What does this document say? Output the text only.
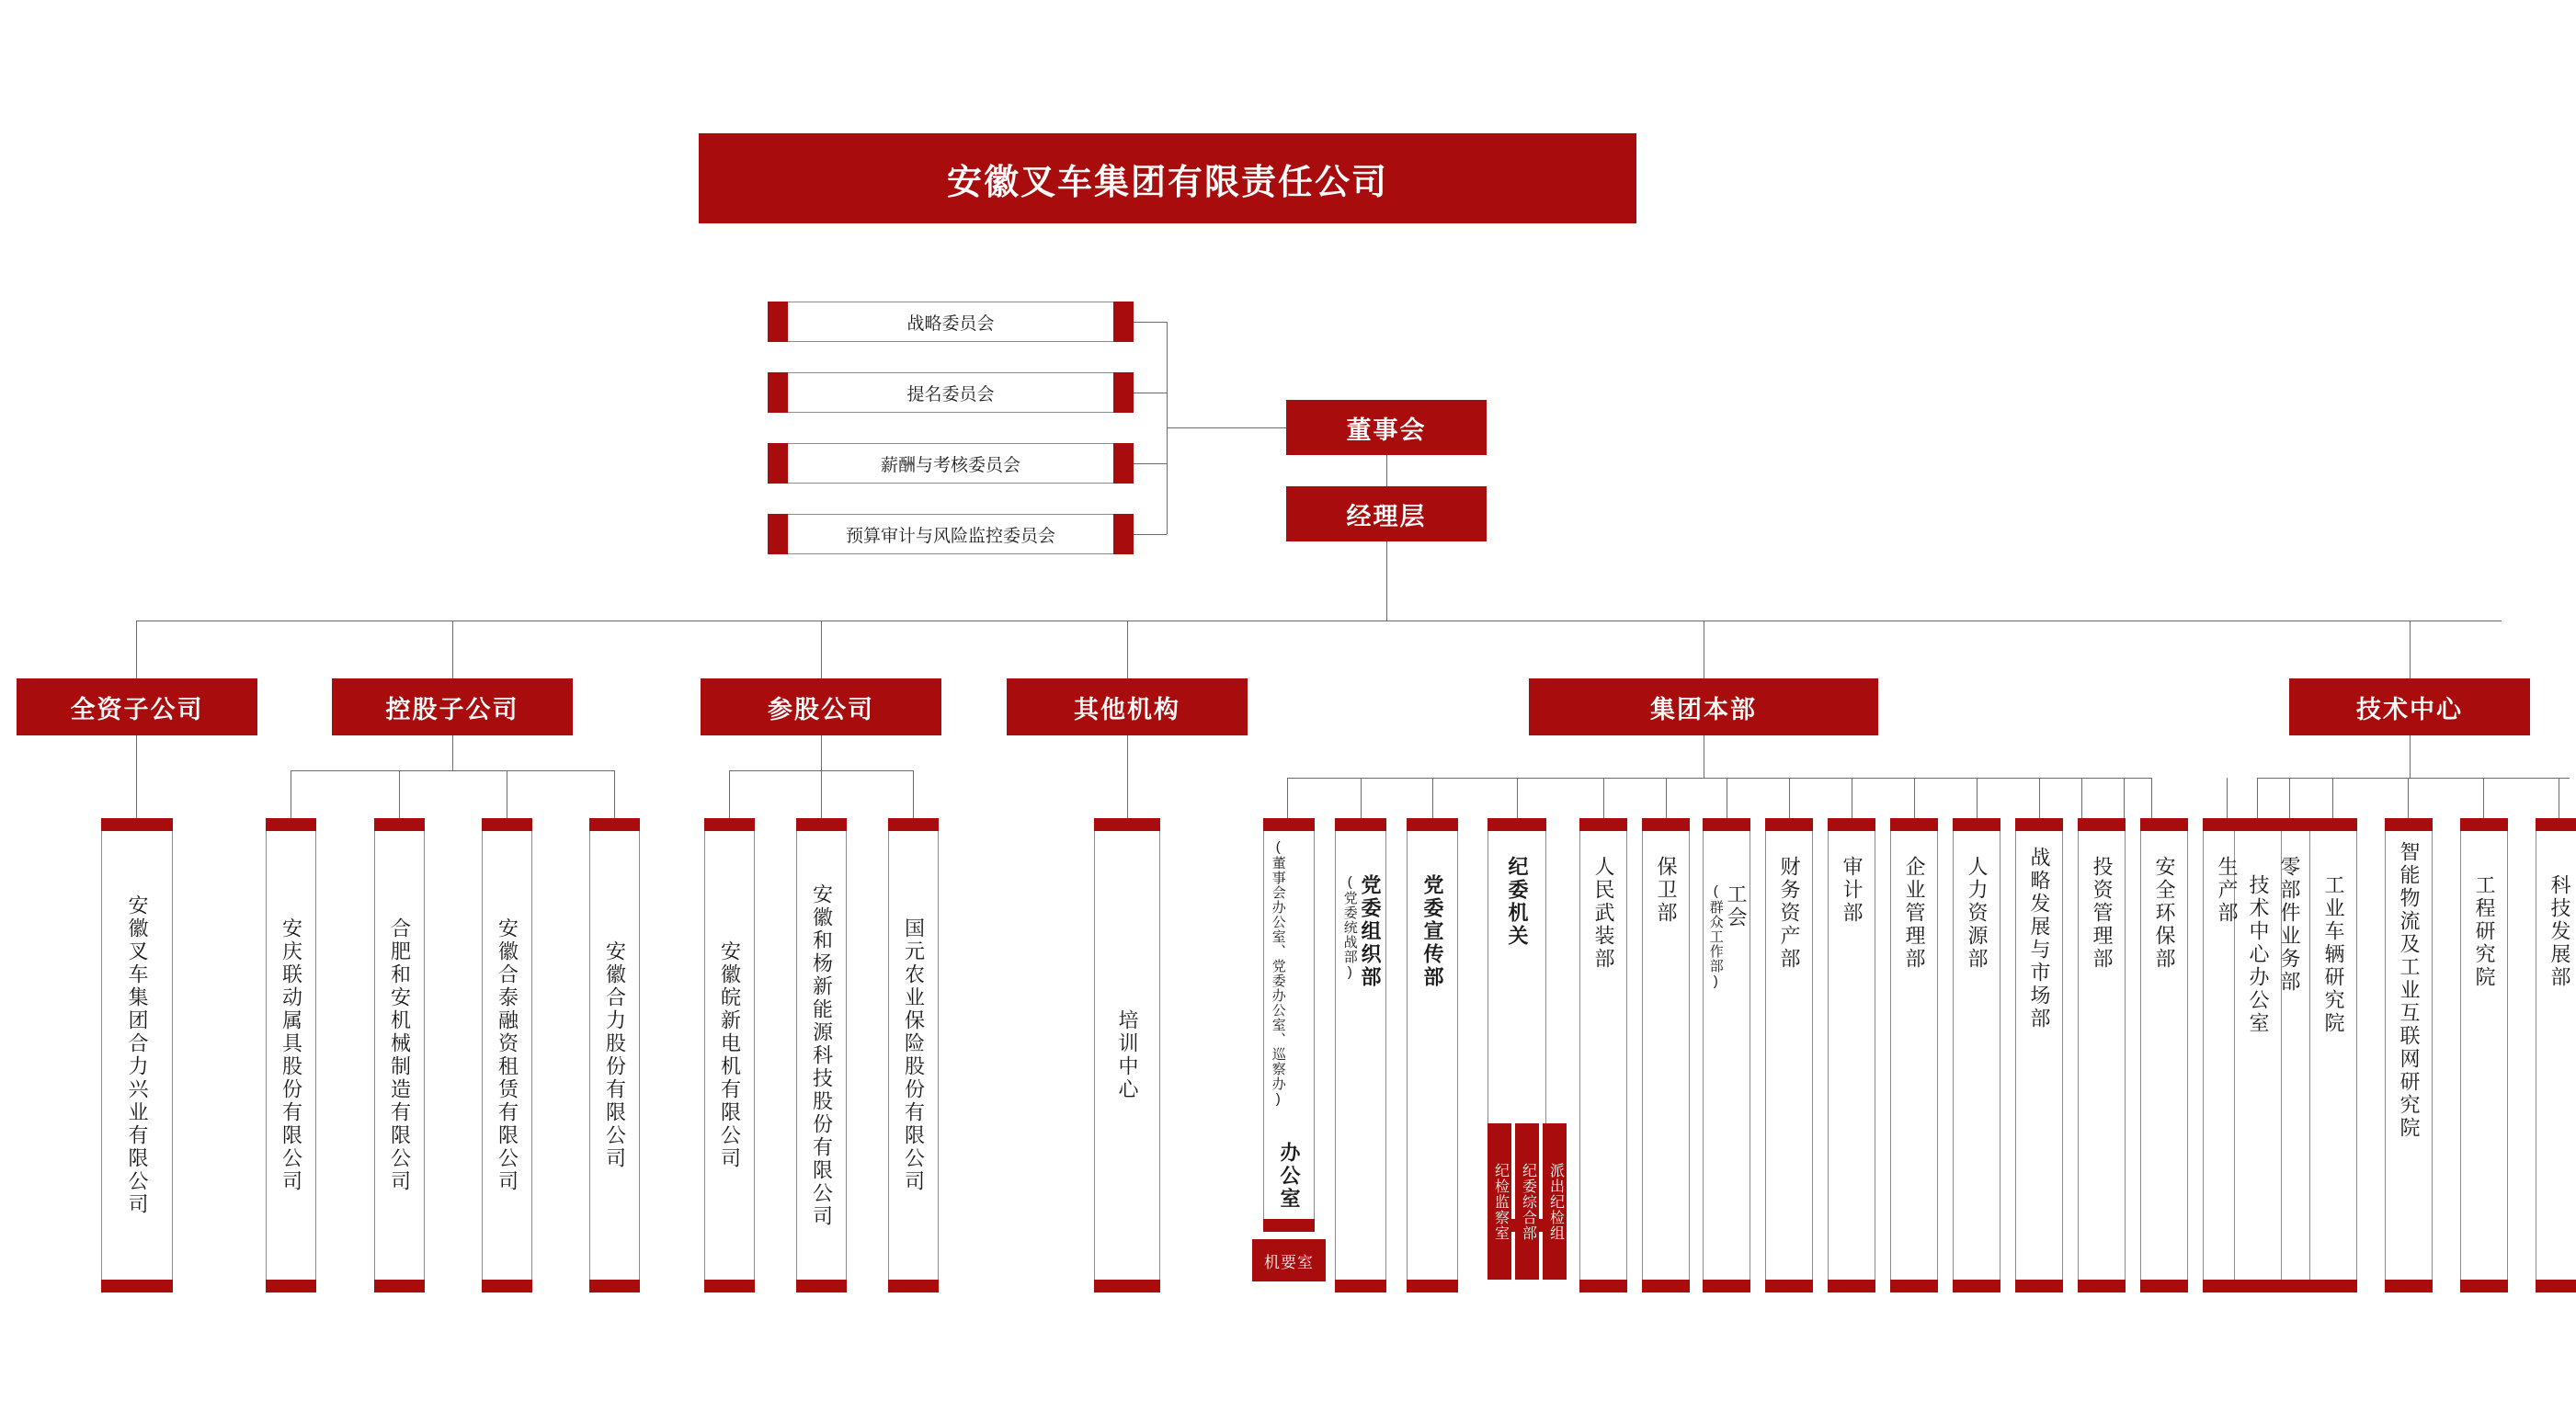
安徽叉车集团有限责任公司
战略委员会
提名委员会
薪酬与考核委员会
预算审计与风险监控委员会
董事会
经理层
全资子公司	控股子公司	参股公司	其他机构	集团本部	技术中心
安徽叉车集团合力兴业有限公司	安庆联动属具股份有限公司	合肥和安机械制造有限公司	安徽合泰融资租赁有限公司	安徽合力股份有限公司	安徽皖新电机有限公司	安徽和杨新能源科技股份有限公司	国元农业保险股份有限公司	培训中心	(董事会办公室、党委办公室、巡察办)
办公室
机要室
(党委统战部) 党委组织部 党委宣传部	纪委机关
纪检监察室 纪委综合部 派出纪检组
人民武装部 保卫部 (群众工作部) 工会 财务资产部 审计部 企业管理部 人力资源部 战略发展与市场部 投资管理部 安全环保部 生产部 零部件业务部
技术中心办公室	工业车辆研究院	智能物流及工业互联网研究院	工程研究院	科技发展部
